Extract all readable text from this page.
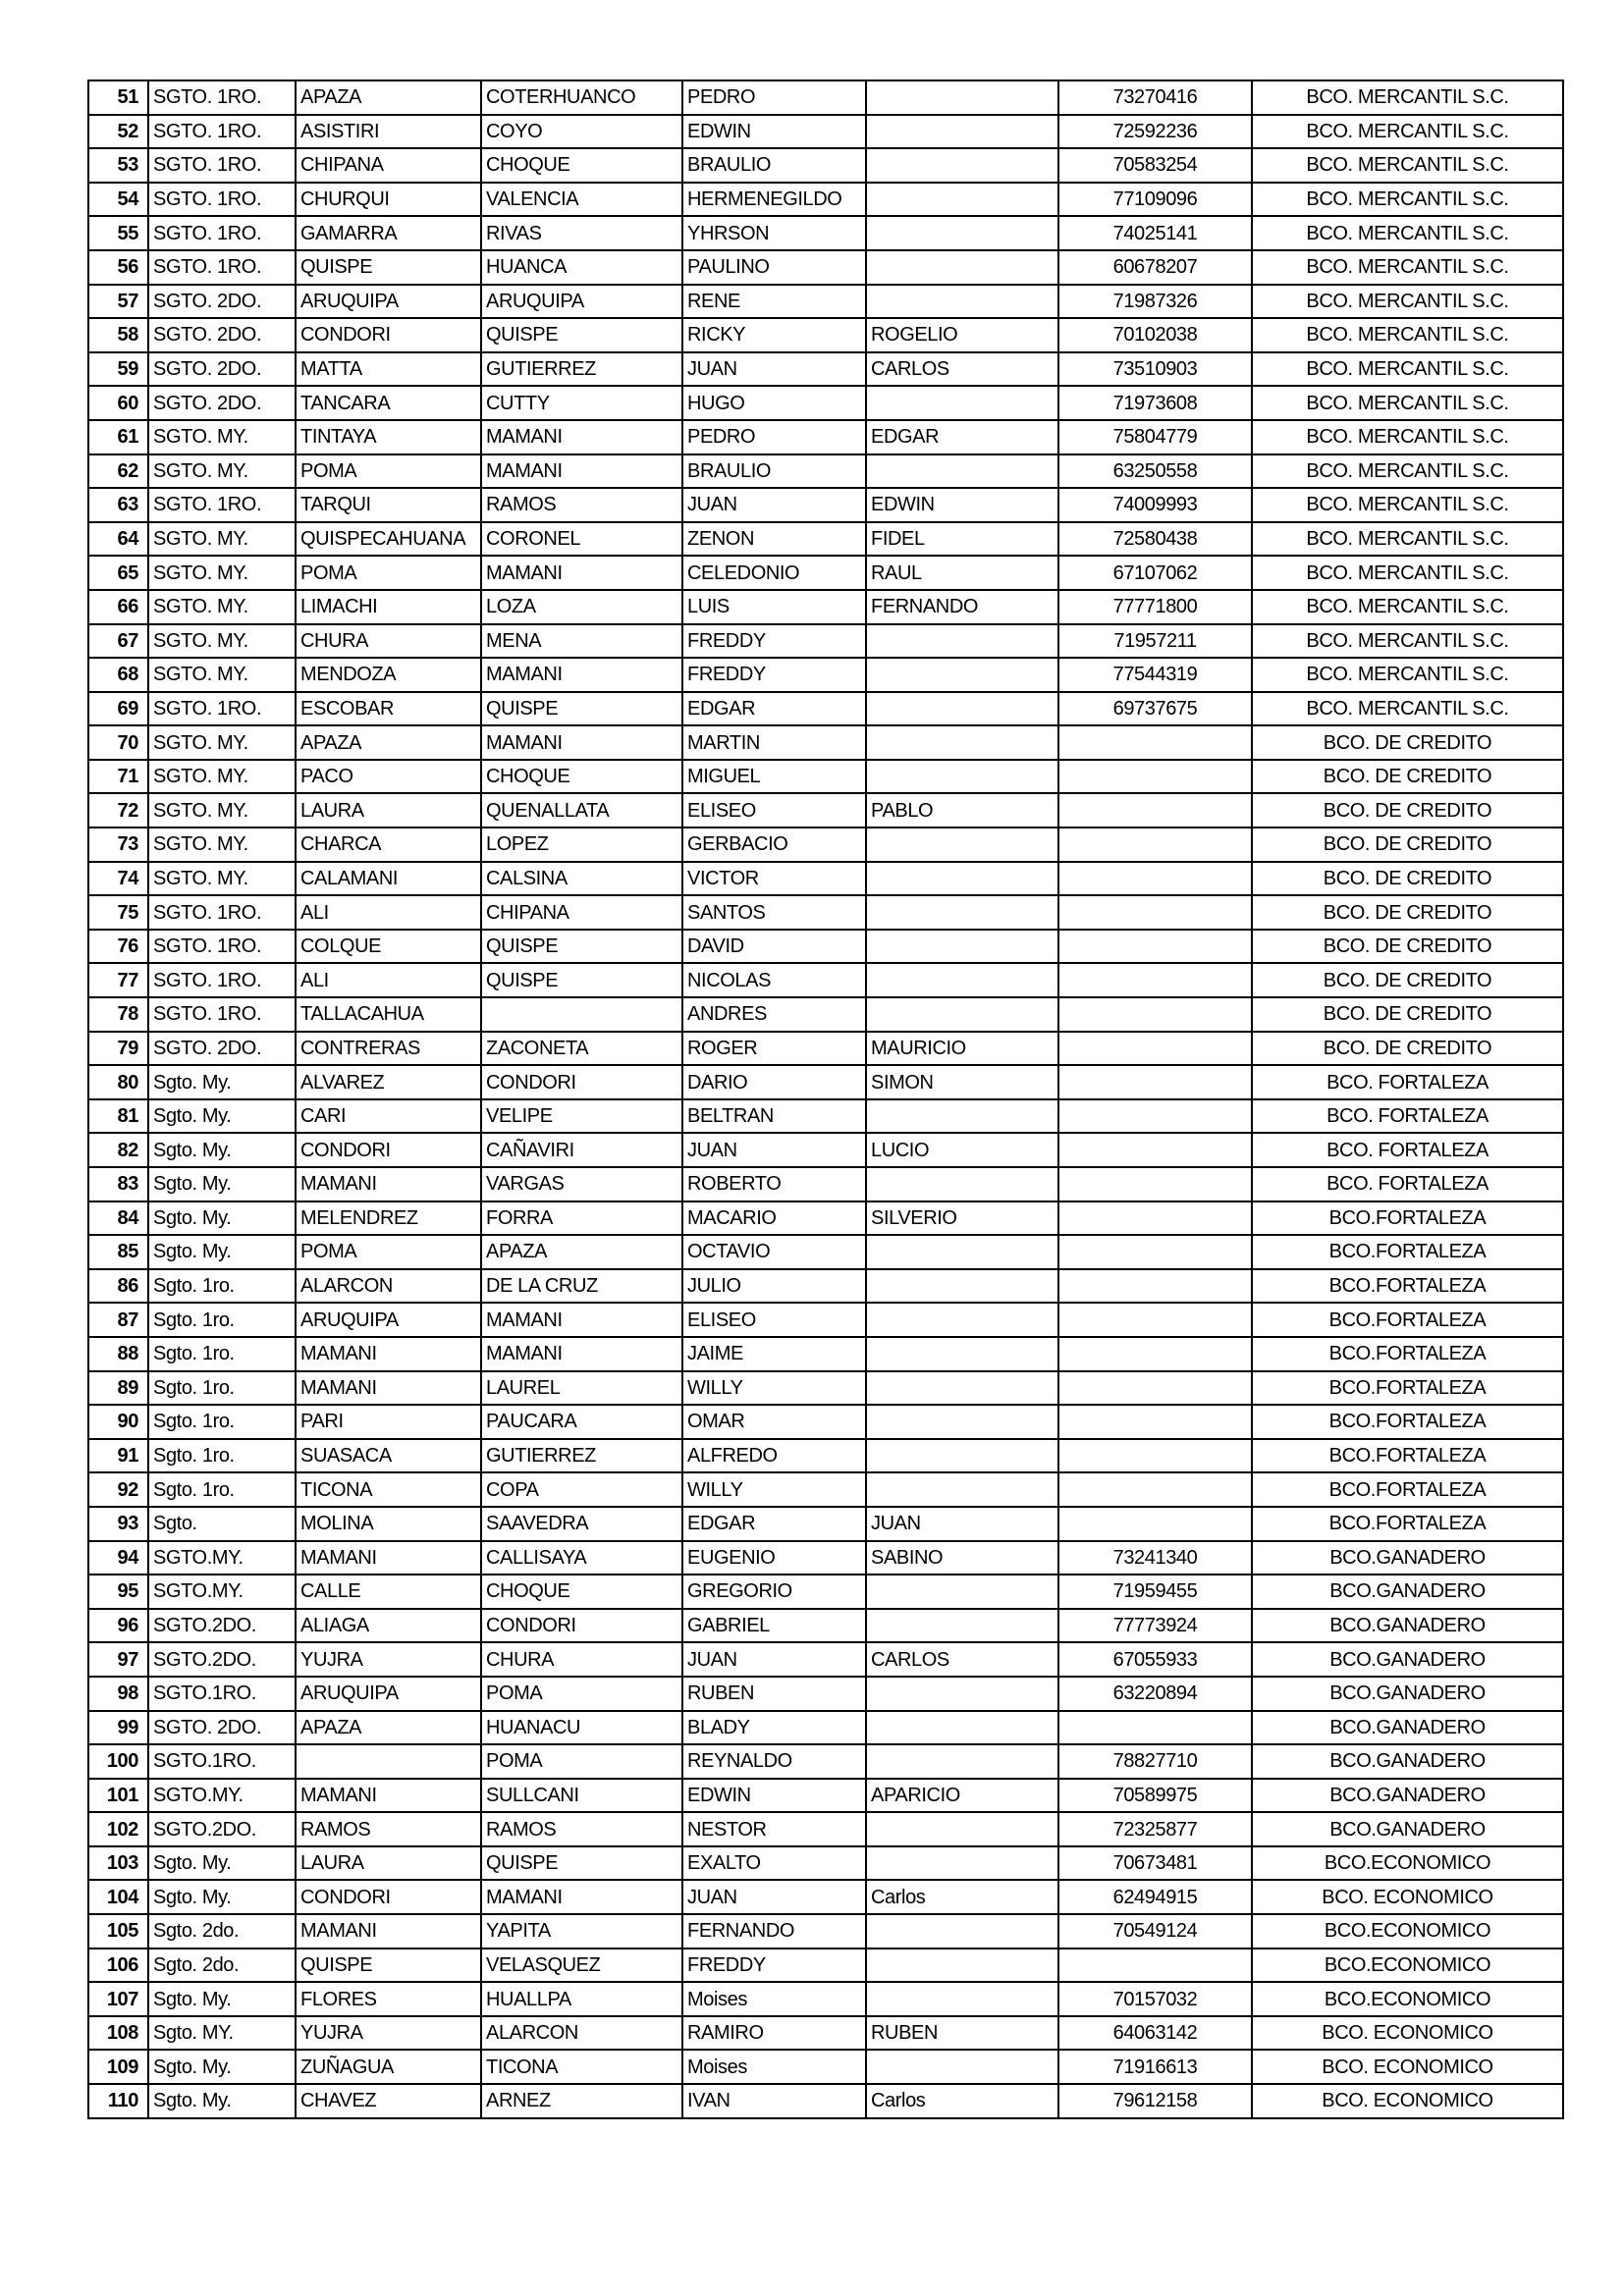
51	SGTO. 1RO.	APAZA	COTERHUANCO	PEDRO		73270416	BCO. MERCANTIL S.C.
52	SGTO. 1RO.	ASISTIRI	COYO	EDWIN		72592236	BCO. MERCANTIL S.C.
53	SGTO. 1RO.	CHIPANA	CHOQUE	BRAULIO		70583254	BCO. MERCANTIL S.C.
54	SGTO. 1RO.	CHURQUI	VALENCIA	HERMENEGILDO		77109096	BCO. MERCANTIL S.C.
55	SGTO. 1RO.	GAMARRA	RIVAS	YHRSON		74025141	BCO. MERCANTIL S.C.
56	SGTO. 1RO.	QUISPE	HUANCA	PAULINO		60678207	BCO. MERCANTIL S.C.
57	SGTO. 2DO.	ARUQUIPA	ARUQUIPA	RENE		71987326	BCO. MERCANTIL S.C.
58	SGTO. 2DO.	CONDORI	QUISPE	RICKY	ROGELIO	70102038	BCO. MERCANTIL S.C.
59	SGTO. 2DO.	MATTA	GUTIERREZ	JUAN	CARLOS	73510903	BCO. MERCANTIL S.C.
60	SGTO. 2DO.	TANCARA	CUTTY	HUGO		71973608	BCO. MERCANTIL S.C.
61	SGTO. MY.	TINTAYA	MAMANI	PEDRO	EDGAR	75804779	BCO. MERCANTIL S.C.
62	SGTO. MY.	POMA	MAMANI	BRAULIO		63250558	BCO. MERCANTIL S.C.
63	SGTO. 1RO.	TARQUI	RAMOS	JUAN	EDWIN	74009993	BCO. MERCANTIL S.C.
64	SGTO. MY.	QUISPECAHUANA	CORONEL	ZENON	FIDEL	72580438	BCO. MERCANTIL S.C.
65	SGTO. MY.	POMA	MAMANI	CELEDONIO	RAUL	67107062	BCO. MERCANTIL S.C.
66	SGTO. MY.	LIMACHI	LOZA	LUIS	FERNANDO	77771800	BCO. MERCANTIL S.C.
67	SGTO. MY.	CHURA	MENA	FREDDY		71957211	BCO. MERCANTIL S.C.
68	SGTO. MY.	MENDOZA	MAMANI	FREDDY		77544319	BCO. MERCANTIL S.C.
69	SGTO. 1RO.	ESCOBAR	QUISPE	EDGAR		69737675	BCO. MERCANTIL S.C.
70	SGTO. MY.	APAZA	MAMANI	MARTIN			BCO. DE CREDITO
71	SGTO. MY.	PACO	CHOQUE	MIGUEL			BCO. DE CREDITO
72	SGTO. MY.	LAURA	QUENALLATA	ELISEO	PABLO		BCO. DE CREDITO
73	SGTO. MY.	CHARCA	LOPEZ	GERBACIO			BCO. DE CREDITO
74	SGTO. MY.	CALAMANI	CALSINA	VICTOR			BCO. DE CREDITO
75	SGTO. 1RO.	ALI	CHIPANA	SANTOS			BCO. DE CREDITO
76	SGTO. 1RO.	COLQUE	QUISPE	DAVID			BCO. DE CREDITO
77	SGTO. 1RO.	ALI	QUISPE	NICOLAS			BCO. DE CREDITO
78	SGTO. 1RO.	TALLACAHUA		ANDRES			BCO. DE CREDITO
79	SGTO. 2DO.	CONTRERAS	ZACONETA	ROGER	MAURICIO		BCO. DE CREDITO
80	Sgto. My.	ALVAREZ	CONDORI	DARIO	SIMON		BCO. FORTALEZA
81	Sgto. My.	CARI	VELIPE	BELTRAN			BCO. FORTALEZA
82	Sgto. My.	CONDORI	CAÑAVIRI	JUAN	LUCIO		BCO. FORTALEZA
83	Sgto. My.	MAMANI	VARGAS	ROBERTO			BCO. FORTALEZA
84	Sgto. My.	MELENDREZ	FORRA	MACARIO	SILVERIO		BCO.FORTALEZA
85	Sgto. My.	POMA	APAZA	OCTAVIO			BCO.FORTALEZA
86	Sgto. 1ro.	ALARCON	DE LA CRUZ	JULIO			BCO.FORTALEZA
87	Sgto. 1ro.	ARUQUIPA	MAMANI	ELISEO			BCO.FORTALEZA
88	Sgto. 1ro.	MAMANI	MAMANI	JAIME			BCO.FORTALEZA
89	Sgto. 1ro.	MAMANI	LAUREL	WILLY			BCO.FORTALEZA
90	Sgto. 1ro.	PARI	PAUCARA	OMAR			BCO.FORTALEZA
91	Sgto. 1ro.	SUASACA	GUTIERREZ	ALFREDO			BCO.FORTALEZA
92	Sgto. 1ro.	TICONA	COPA	WILLY			BCO.FORTALEZA
93	Sgto.	MOLINA	SAAVEDRA	EDGAR	JUAN		BCO.FORTALEZA
94	SGTO.MY.	MAMANI	CALLISAYA	EUGENIO	SABINO	73241340	BCO.GANADERO
95	SGTO.MY.	CALLE	CHOQUE	GREGORIO		71959455	BCO.GANADERO
96	SGTO.2DO.	ALIAGA	CONDORI	GABRIEL		77773924	BCO.GANADERO
97	SGTO.2DO.	YUJRA	CHURA	JUAN	CARLOS	67055933	BCO.GANADERO
98	SGTO.1RO.	ARUQUIPA	POMA	RUBEN		63220894	BCO.GANADERO
99	SGTO. 2DO.	APAZA	HUANACU	BLADY			BCO.GANADERO
100	SGTO.1RO.		POMA	REYNALDO		78827710	BCO.GANADERO
101	SGTO.MY.	MAMANI	SULLCANI	EDWIN	APARICIO	70589975	BCO.GANADERO
102	SGTO.2DO.	RAMOS	RAMOS	NESTOR		72325877	BCO.GANADERO
103	Sgto. My.	LAURA	QUISPE	EXALTO		70673481	BCO.ECONOMICO
104	Sgto. My.	CONDORI	MAMANI	JUAN	Carlos	62494915	BCO. ECONOMICO
105	Sgto. 2do.	MAMANI	YAPITA	FERNANDO		70549124	BCO.ECONOMICO
106	Sgto. 2do.	QUISPE	VELASQUEZ	FREDDY			BCO.ECONOMICO
107	Sgto. My.	FLORES	HUALLPA	Moises		70157032	BCO.ECONOMICO
108	Sgto. MY.	YUJRA	ALARCON	RAMIRO	RUBEN	64063142	BCO. ECONOMICO
109	Sgto. My.	ZUÑAGUA	TICONA	Moises		71916613	BCO. ECONOMICO
110	Sgto. My.	CHAVEZ	ARNEZ	IVAN	Carlos	79612158	BCO. ECONOMICO
